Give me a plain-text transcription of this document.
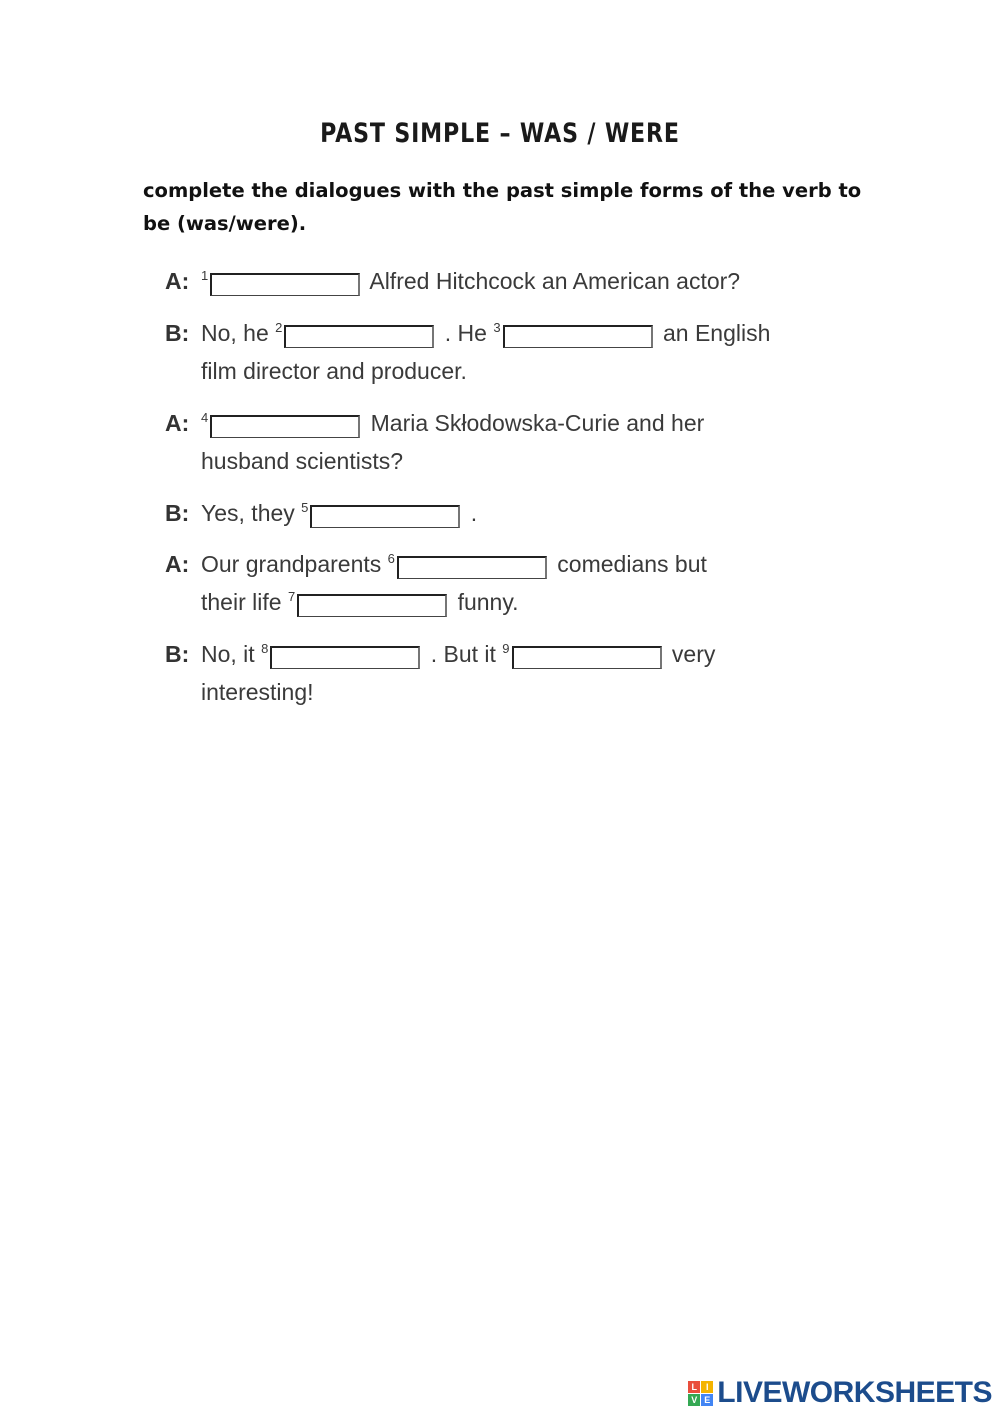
PAST SIMPLE – WAS / WERE
complete the dialogues with the past simple forms of the verb to be (was/were).
A: $^1$	Alfred Hitchcock an American actor?
B: No, he $^2$	. He $^3$	an English
film director and producer.
A: $^4$	Maria Skłodowska-Curie and her
husband scientists?
B: Yes, they $^5$	.
A: Our grandparents $^6$	comedians but
their life $^7$	funny.
B: No, it $^8$	. But it $^9$	very
interesting!
L I
V E LIVEWORKSHEETS
